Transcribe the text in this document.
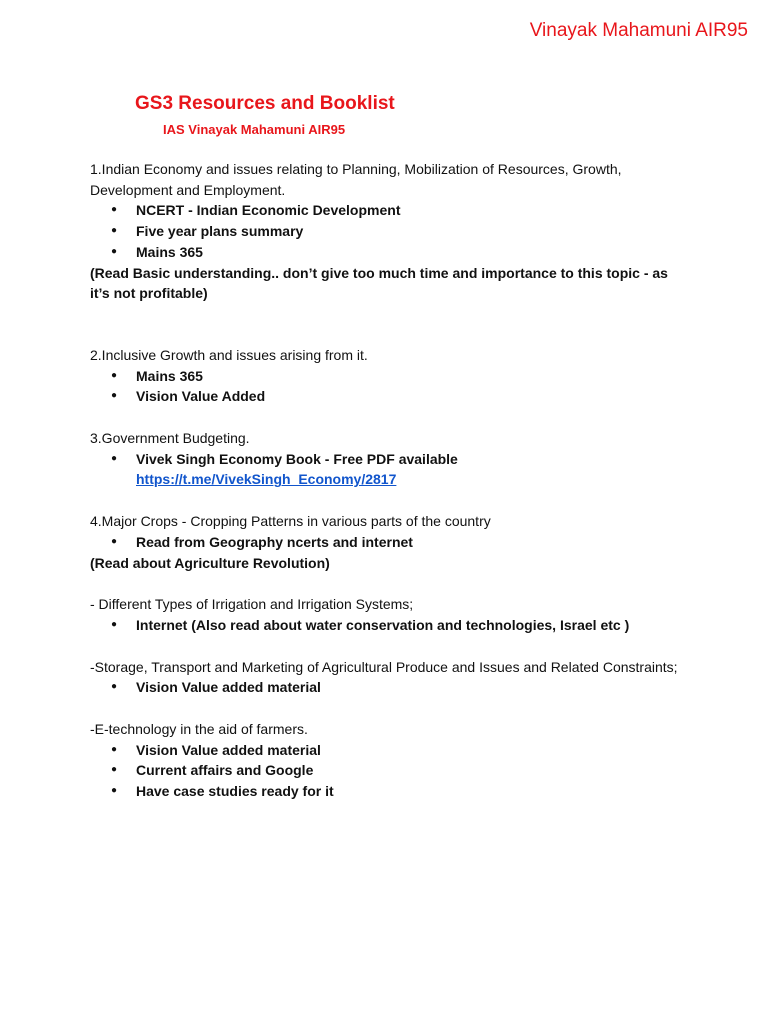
Vinayak Mahamuni AIR95
GS3 Resources and Booklist
IAS Vinayak Mahamuni AIR95

1.Indian Economy and issues relating to Planning, Mobilization of Resources, Growth, Development and Employment.

● NCERT - Indian Economic Development
● Five year plans summary
● Mains 365

(Read Basic understanding.. don’t give too much time and importance to this topic - as it’s not profitable)

2.Inclusive Growth and issues arising from it.

● Mains 365
● Vision Value Added

3.Government Budgeting.

● Vivek Singh Economy Book - Free PDF available
https://t.me/VivekSingh_Economy/2817

4.Major Crops - Cropping Patterns in various parts of the country

● Read from Geography ncerts and internet

(Read about Agriculture Revolution)

- Different Types of Irrigation and Irrigation Systems;

● Internet (Also read about water conservation and technologies, Israel etc )

-Storage, Transport and Marketing of Agricultural Produce and Issues and Related Constraints;

● Vision Value added material

-E-technology in the aid of farmers.

● Vision Value added material
● Current affairs and Google
● Have case studies ready for it
